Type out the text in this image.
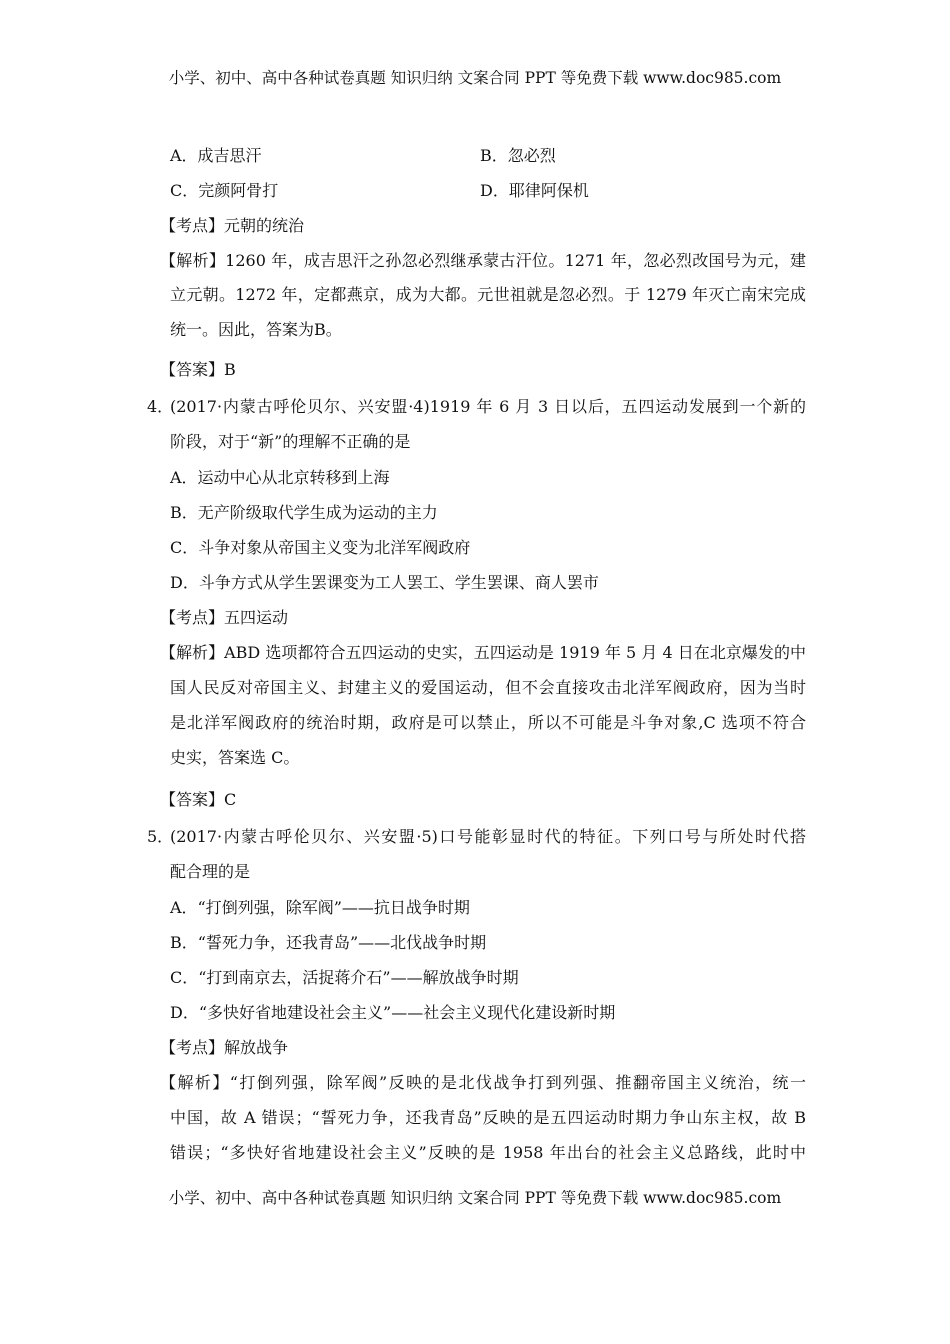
小学、初中、高中各种试卷真题 知识归纳 文案合同 PPT 等免费下载 www.doc985.com
A．成吉思汗	B．忽必烈
C．完颜阿骨打	D．耶律阿保机
【考点】元朝的统治
【解析】1260 年，成吉思汗之孙忽必烈继承蒙古汗位。1271 年，忽必烈改国号为元，建
立元朝。1272 年，定都燕京，成为大都。元世祖就是忽必烈。于 1279 年灭亡南宋完成
统一。因此，答案为B。
【答案】B
4．
(2017·内蒙古呼伦贝尔、兴安盟·4)1919 年 6 月 3 日以后，五四运动发展到一个新的
阶段，对于“新”的理解不正确的是
A．运动中心从北京转移到上海
B．无产阶级取代学生成为运动的主力
C．斗争对象从帝国主义变为北洋军阀政府
D．斗争方式从学生罢课变为工人罢工、学生罢课、商人罢市
【考点】五四运动
【解析】ABD 选项都符合五四运动的史实，五四运动是 1919 年 5 月 4 日在北京爆发的中
国人民反对帝国主义、封建主义的爱国运动，但不会直接攻击北洋军阀政府，因为当时
是北洋军阀政府的统治时期，政府是可以禁止，所以不可能是斗争对象,C 选项不符合
史实，答案选 C。
【答案】C
5．
(2017·内蒙古呼伦贝尔、兴安盟·5)口号能彰显时代的特征。下列口号与所处时代搭
配合理的是
A．“打倒列强，除军阀”——抗日战争时期
B．“誓死力争，还我青岛”——北伐战争时期
C．“打到南京去，活捉蒋介石”——解放战争时期
D．“多快好省地建设社会主义”——社会主义现代化建设新时期
【考点】解放战争
【解析】“打倒列强，除军阀”反映的是北伐战争打到列强、推翻帝国主义统治，统一
中国，故 A 错误；“誓死力争，还我青岛”反映的是五四运动时期力争山东主权，故 B
错误；“多快好省地建设社会主义”反映的是 1958 年出台的社会主义总路线，此时中
小学、初中、高中各种试卷真题 知识归纳 文案合同 PPT 等免费下载 www.doc985.com
